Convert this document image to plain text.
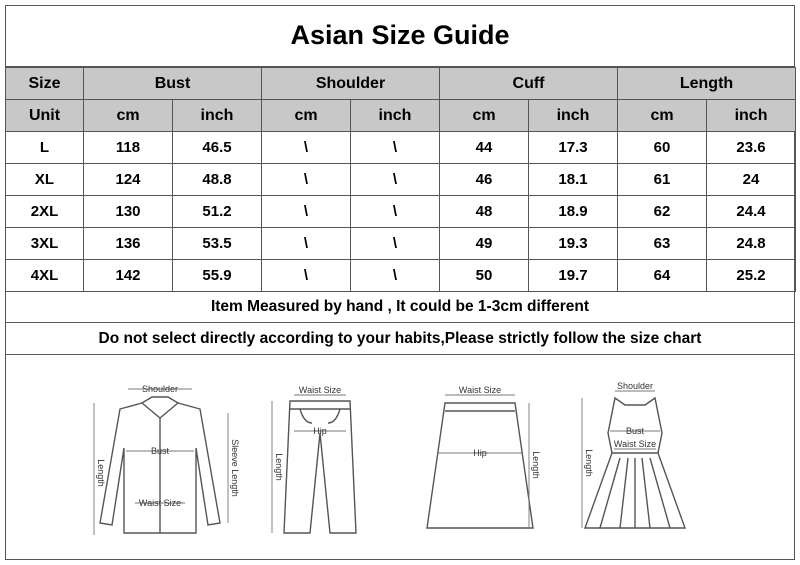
Asian Size Guide
Size	Bust		Shoulder		Cuff		Length	
Unit	cm	inch	cm	inch	cm	inch	cm	inch
L	118	46.5	\	\	44	17.3	60	23.6
XL	124	48.8	\	\	46	18.1	61	24
2XL	130	51.2	\	\	48	18.9	62	24.4
3XL	136	53.5	\	\	49	19.3	63	24.8
4XL	142	55.9	\	\	50	19.7	64	25.2
Item Measured by hand , It could be 1-3cm different
Do not select directly according to your habits,Please strictly follow the size chart
Shoulder
Bust
Waist Size
Length	Sleeve Length
Waist Size
Hip
Length
Waist Size
Hip	Length
Shoulder
Bust
Waist Size
Length
